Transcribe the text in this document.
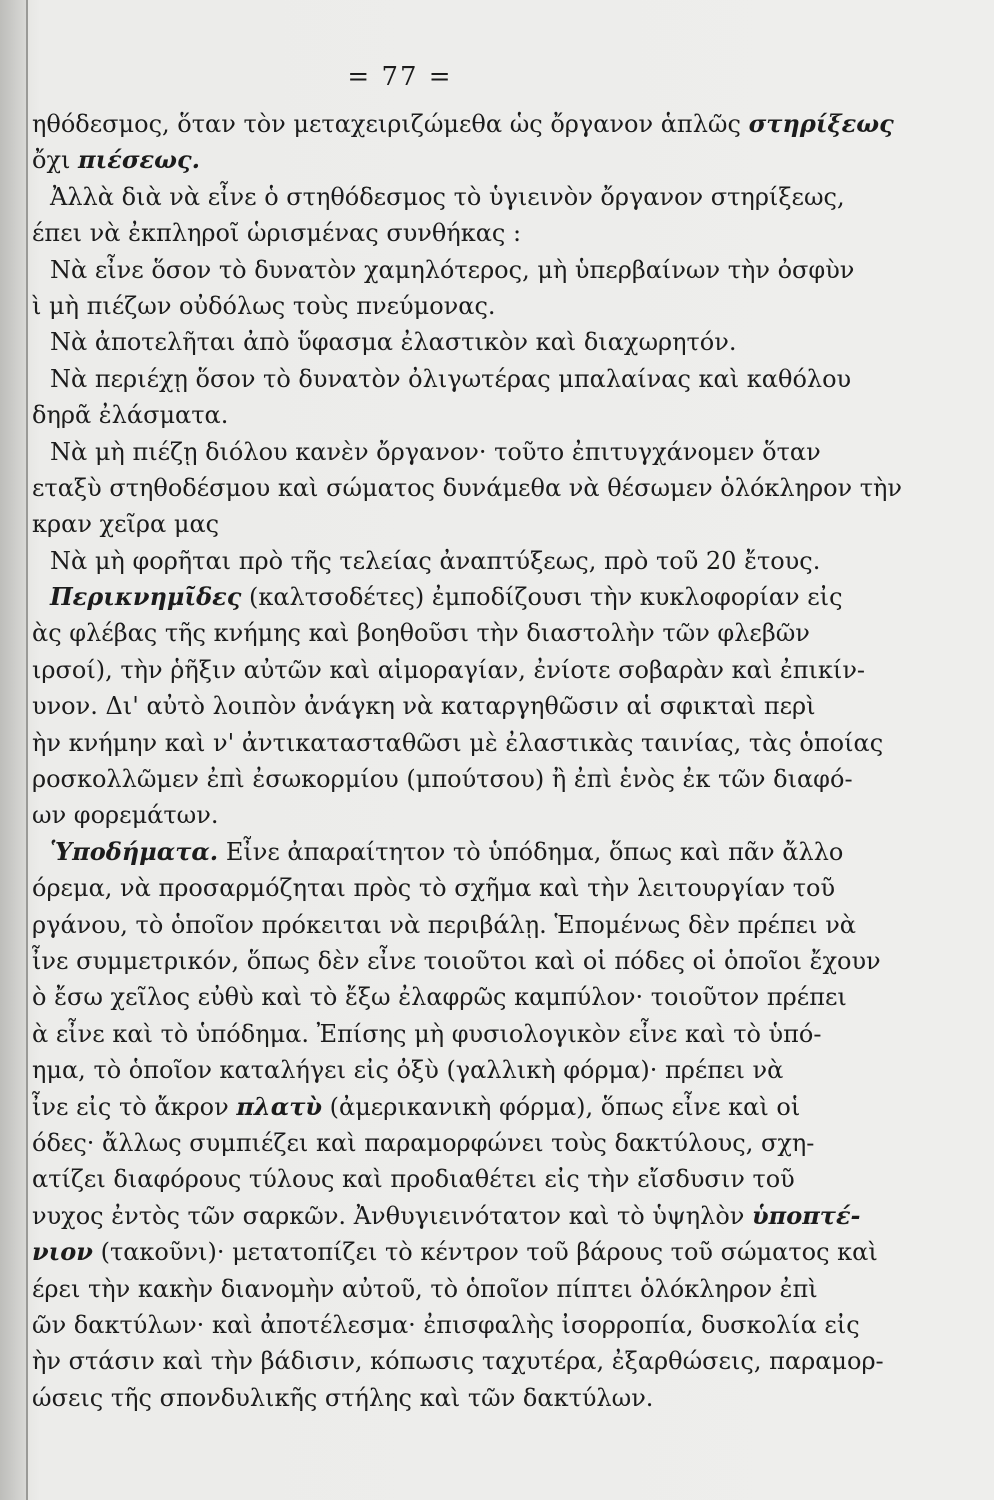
= 77 =
ηθόδεσμος, ὅταν τὸν μεταχειριζώμεθα ὡς ὄργανον ἁπλῶς στηρίξεως
ὄχι πιέσεως.
Ἀλλὰ διὰ νὰ εἶνε ὁ στηθόδεσμος τὸ ὑγιεινὸν ὄργανον στηρίξεως,
έπει νὰ ἐκπληροῖ ὡρισμένας συνθήκας :
Νὰ εἶνε ὅσον τὸ δυνατὸν χαμηλότερος, μὴ ὑπερβαίνων τὴν ὀσφὺν
ὶ μὴ πιέζων οὐδόλως τοὺς πνεύμονας.
Νὰ ἀποτελῆται ἀπὸ ὕφασμα ἐλαστικὸν καὶ διαχωρητόν.
Νὰ περιέχῃ ὅσον τὸ δυνατὸν ὀλιγωτέρας μπαλαίνας καὶ καθόλου
δηρᾶ ἐλάσματα.
Νὰ μὴ πιέζῃ διόλου κανὲν ὄργανον· τοῦτο ἐπιτυγχάνομεν ὅταν
εταξὺ στηθοδέσμου καὶ σώματος δυνάμεθα νὰ θέσωμεν ὁλόκληρον τὴν
κραν χεῖρα μας
Νὰ μὴ φορῆται πρὸ τῆς τελείας ἀναπτύξεως, πρὸ τοῦ 20 ἔτους.
Περικνημῖδες (καλτσοδέτες) ἐμποδίζουσι τὴν κυκλοφορίαν εἰς
ὰς φλέβας τῆς κνήμης καὶ βοηθοῦσι τὴν διαστολὴν τῶν φλεβῶν
ιρσοί), τὴν ῥῆξιν αὐτῶν καὶ αἱμοραγίαν, ἐνίοτε σοβαρὰν καὶ ἐπικίν-
υνον. Δι' αὐτὸ λοιπὸν ἀνάγκη νὰ καταργηθῶσιν αἱ σφικταὶ περὶ
ὴν κνήμην καὶ ν' ἀντικατασταθῶσι μὲ ἐλαστικὰς ταινίας, τὰς ὁποίας
ροσκολλῶμεν ἐπὶ ἐσωκορμίου (μπούτσου) ἢ ἐπὶ ἑνὸς ἐκ τῶν διαφό-
ων φορεμάτων.
Ὑποδήματα. Εἶνε ἀπαραίτητον τὸ ὑπόδημα, ὅπως καὶ πᾶν ἄλλο
όρεμα, νὰ προσαρμόζηται πρὸς τὸ σχῆμα καὶ τὴν λειτουργίαν τοῦ
ργάνου, τὸ ὁποῖον πρόκειται νὰ περιβάλῃ. Ἑπομένως δὲν πρέπει νὰ
ἶνε συμμετρικόν, ὅπως δὲν εἶνε τοιοῦτοι καὶ οἱ πόδες οἱ ὁποῖοι ἔχουν
ὸ ἔσω χεῖλος εὐθὺ καὶ τὸ ἔξω ἐλαφρῶς καμπύλον· τοιοῦτον πρέπει
ὰ εἶνε καὶ τὸ ὑπόδημα. Ἐπίσης μὴ φυσιολογικὸν εἶνε καὶ τὸ ὑπό-
ημα, τὸ ὁποῖον καταλήγει εἰς ὀξὺ (γαλλικὴ φόρμα)· πρέπει νὰ
ἶνε εἰς τὸ ἄκρον πλατὺ (ἀμερικανικὴ φόρμα), ὅπως εἶνε καὶ οἱ
όδες· ἄλλως συμπιέζει καὶ παραμορφώνει τοὺς δακτύλους, σχη-
ατίζει διαφόρους τύλους καὶ προδιαθέτει εἰς τὴν εἴσδυσιν τοῦ
νυχος ἐντὸς τῶν σαρκῶν. Ἀνθυγιεινότατον καὶ τὸ ὑψηλὸν ὑποπτέ-
νιον (τακοῦνι)· μετατοπίζει τὸ κέντρον τοῦ βάρους τοῦ σώματος καὶ
έρει τὴν κακὴν διανομὴν αὐτοῦ, τὸ ὁποῖον πίπτει ὁλόκληρον ἐπὶ
ῶν δακτύλων· καὶ ἀποτέλεσμα· ἐπισφαλὴς ἰσορροπία, δυσκολία εἰς
ὴν στάσιν καὶ τὴν βάδισιν, κόπωσις ταχυτέρα, ἐξαρθώσεις, παραμορ-
ώσεις τῆς σπονδυλικῆς στήλης καὶ τῶν δακτύλων.
